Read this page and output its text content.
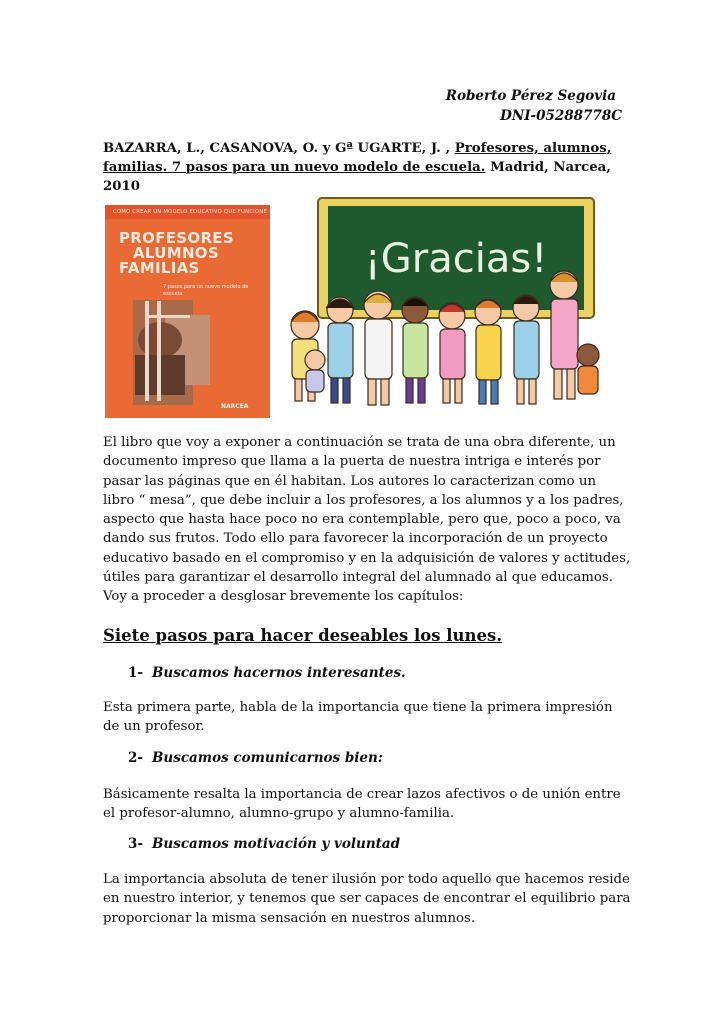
Roberto Pérez Segovia
DNI-05288778C
BAZARRA, L., CASANOVA, O. y Gª UGARTE, J. , Profesores, alumnos, familias. 7 pasos para un nuevo modelo de escuela. Madrid, Narcea, 2010
COMO CREAR UN MODELO EDUCATIVO QUE FUNCIONE
PROFESORES
ALUMNOS
FAMILIAS
7 pasos para un nuevo modelo de escuela
NARCEA
¡Gracias!
El libro que voy a exponer a continuación se trata de una obra diferente, un documento impreso que llama a la puerta de nuestra intriga e interés por pasar las páginas que en él habitan. Los autores lo caracterizan como un libro “ mesa”, que debe incluir a los profesores, a los alumnos y a los padres, aspecto que hasta hace poco no era contemplable, pero que, poco a poco, va dando sus frutos. Todo ello para favorecer la incorporación de un proyecto educativo basado en el compromiso y en la adquisición de valores y actitudes, útiles para garantizar el desarrollo integral del alumnado al que educamos. Voy a proceder a desglosar brevemente los capítulos:
Siete pasos para hacer deseables los lunes.
1- Buscamos hacernos interesantes.
Esta primera parte, habla de la importancia que tiene la primera impresión de un profesor.
2- Buscamos comunicarnos bien:
Básicamente resalta la importancia de crear lazos afectivos o de unión entre el profesor-alumno, alumno-grupo y alumno-familia.
3- Buscamos motivación y voluntad
La importancia absoluta de tener ilusión por todo aquello que hacemos reside en nuestro interior, y tenemos que ser capaces de encontrar el equilibrio para proporcionar la misma sensación en nuestros alumnos.
